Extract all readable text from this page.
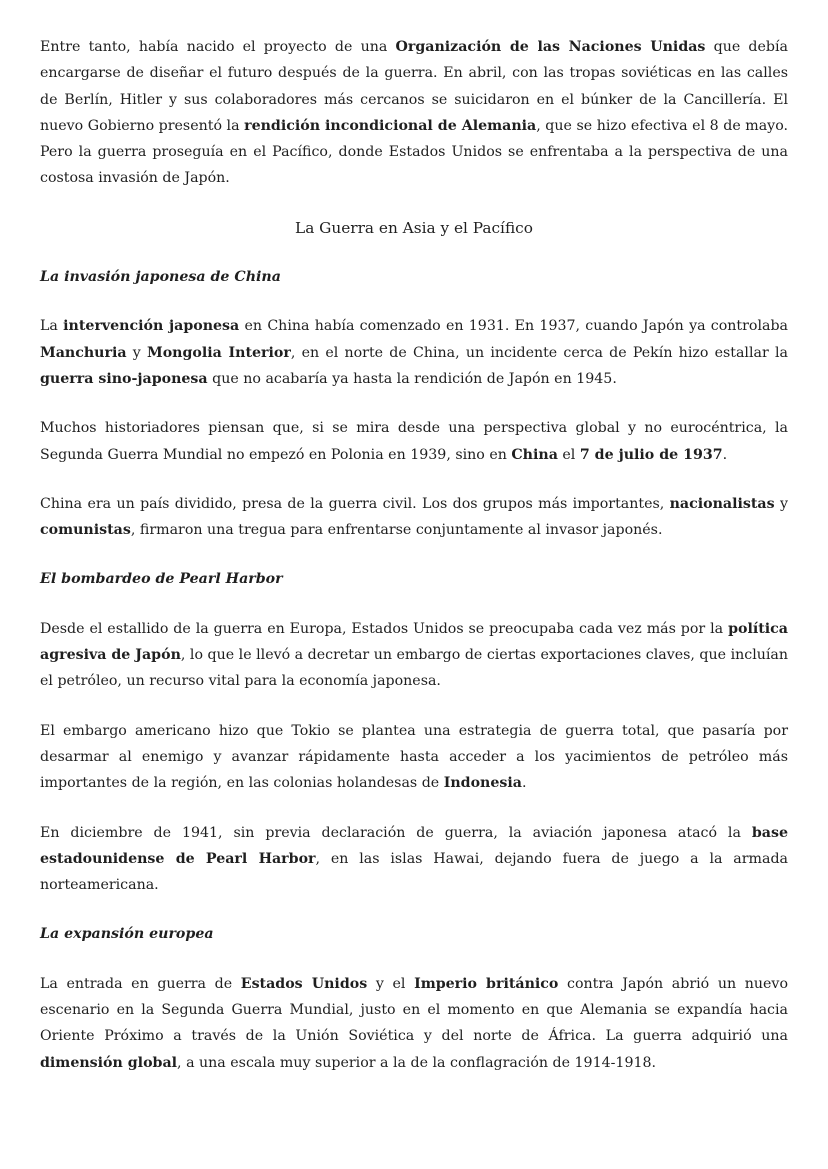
Entre tanto, había nacido el proyecto de una Organización de las Naciones Unidas que debía encargarse de diseñar el futuro después de la guerra. En abril, con las tropas soviéticas en las calles de Berlín, Hitler y sus colaboradores más cercanos se suicidaron en el búnker de la Cancillería. El nuevo Gobierno presentó la rendición incondicional de Alemania, que se hizo efectiva el 8 de mayo. Pero la guerra proseguía en el Pacífico, donde Estados Unidos se enfrentaba a la perspectiva de una costosa invasión de Japón.

La Guerra en Asia y el Pacífico
La invasión japonesa de China

La intervención japonesa en China había comenzado en 1931. En 1937, cuando Japón ya controlaba Manchuria y Mongolia Interior, en el norte de China, un incidente cerca de Pekín hizo estallar la guerra sino-japonesa que no acabaría ya hasta la rendición de Japón en 1945.

Muchos historiadores piensan que, si se mira desde una perspectiva global y no eurocéntrica, la Segunda Guerra Mundial no empezó en Polonia en 1939, sino en China el 7 de julio de 1937.

China era un país dividido, presa de la guerra civil. Los dos grupos más importantes, nacionalistas y comunistas, firmaron una tregua para enfrentarse conjuntamente al invasor japonés.

El bombardeo de Pearl Harbor

Desde el estallido de la guerra en Europa, Estados Unidos se preocupaba cada vez más por la política agresiva de Japón, lo que le llevó a decretar un embargo de ciertas exportaciones claves, que incluían el petróleo, un recurso vital para la economía japonesa.

El embargo americano hizo que Tokio se plantea una estrategia de guerra total, que pasaría por desarmar al enemigo y avanzar rápidamente hasta acceder a los yacimientos de petróleo más importantes de la región, en las colonias holandesas de Indonesia.

En diciembre de 1941, sin previa declaración de guerra, la aviación japonesa atacó la base estadounidense de Pearl Harbor, en las islas Hawai, dejando fuera de juego a la armada norteamericana.

La expansión europea

La entrada en guerra de Estados Unidos y el Imperio británico contra Japón abrió un nuevo escenario en la Segunda Guerra Mundial, justo en el momento en que Alemania se expandía hacia Oriente Próximo a través de la Unión Soviética y del norte de África. La guerra adquirió una dimensión global, a una escala muy superior a la de la conflagración de 1914-1918.
